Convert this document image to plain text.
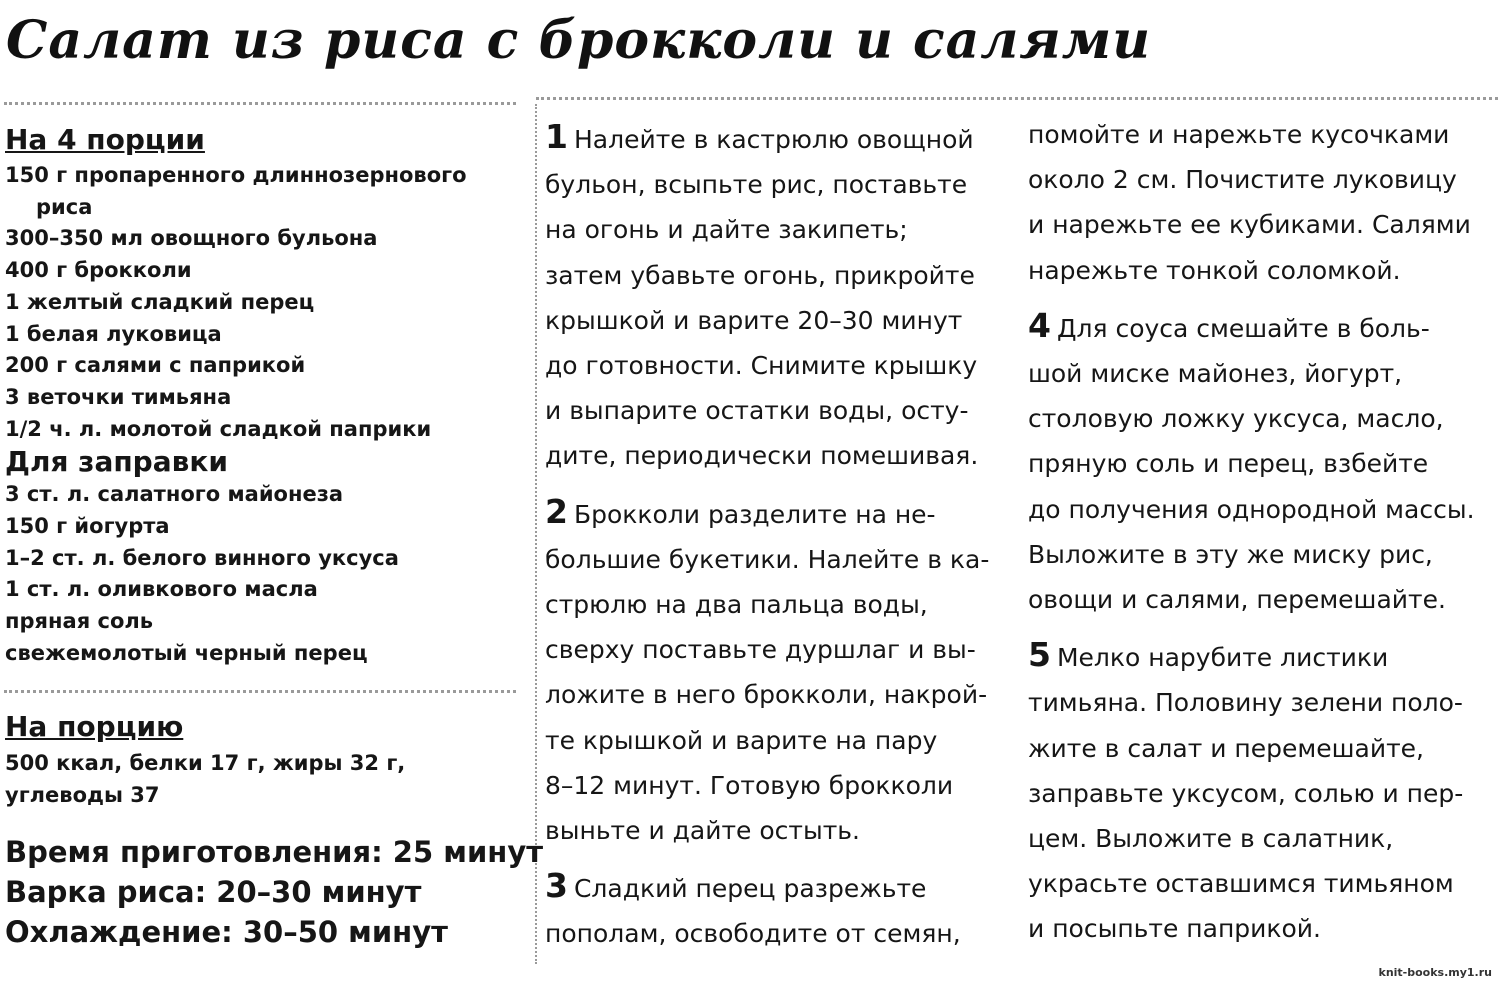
Салат из риса с брокколи и салями
На 4 порции
150 г пропаренного длиннозернового
риса
300–350 мл овощного бульона
400 г брокколи
1 желтый сладкий перец
1 белая луковица
200 г салями с паприкой
3 веточки тимьяна
1/2 ч. л. молотой сладкой паприки
Для заправки
3 ст. л. салатного майонеза
150 г йогурта
1–2 ст. л. белого винного уксуса
1 ст. л. оливкового масла
пряная соль
свежемолотый черный перец
На порцию
500 ккал, белки 17 г, жиры 32 г,
углеводы 37
Время приготовления: 25 минут
Варка риса: 20–30 минут
Охлаждение: 30–50 минут

1 Налейте в кастрюлю овощной
бульон, всыпьте рис, поставьте
на огонь и дайте закипеть;
затем убавьте огонь, прикройте
крышкой и варите 20–30 минут
до готовности. Снимите крышку
и выпарите остатки воды, осту-
дите, периодически помешивая.

2 Брокколи разделите на не-
большие букетики. Налейте в ка-
стрюлю на два пальца воды,
сверху поставьте дуршлаг и вы-
ложите в него брокколи, накрой-
те крышкой и варите на пару
8–12 минут. Готовую брокколи
выньте и дайте остыть.

3 Сладкий перец разрежьте
пополам, освободите от семян,

помойте и нарежьте кусочками
около 2 см. Почистите луковицу
и нарежьте ее кубиками. Салями
нарежьте тонкой соломкой.

4 Для соуса смешайте в боль-
шой миске майонез, йогурт,
столовую ложку уксуса, масло,
пряную соль и перец, взбейте
до получения однородной массы.
Выложите в эту же миску рис,
овощи и салями, перемешайте.

5 Мелко нарубите листики
тимьяна. Половину зелени поло-
жите в салат и перемешайте,
заправьте уксусом, солью и пер-
цем. Выложите в салатник,
украсьте оставшимся тимьяном
и посыпьте паприкой.

knit-books.my1.ru
